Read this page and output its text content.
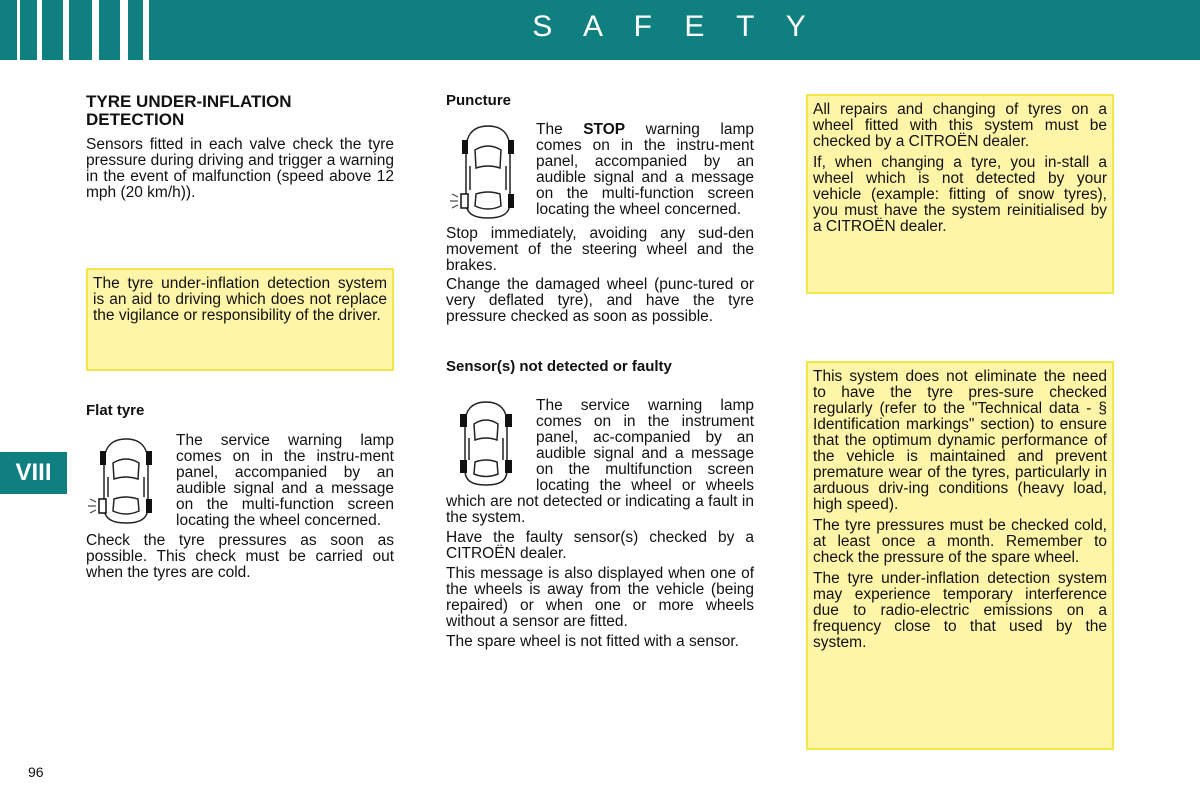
S A F E T Y
VIII
96
TYRE UNDER-INFLATION DETECTION

Sensors fitted in each valve check the tyre pressure during driving and trigger a warning in the event of malfunction (speed above 12 mph (20 km/h)).

The tyre under-inflation detection system is an aid to driving which does not replace the vigilance or responsibility of the driver.

Flat tyre

The service warning lamp comes on in the instru-ment panel, accompanied by an audible signal and a message on the multi-function screen locating the wheel concerned.

Check the tyre pressures as soon as possible. This check must be carried out when the tyres are cold.

Puncture

The STOP warning lamp comes on in the instru-ment panel, accompanied by an audible signal and a message on the multi-function screen locating the wheel concerned.

Stop immediately, avoiding any sud-den movement of the steering wheel and the brakes.

Change the damaged wheel (punc-tured or very deflated tyre), and have the tyre pressure checked as soon as possible.

Sensor(s) not detected or faulty

The service warning lamp comes on in the instrument panel, ac-companied by an audible signal and a message on the multifunction screen locating the wheel or wheels which are not detected or indicating a fault in the system.

Have the faulty sensor(s) checked by a CITROËN dealer.

This message is also displayed when one of the wheels is away from the vehicle (being repaired) or when one or more wheels without a sensor are fitted.

The spare wheel is not fitted with a sensor.

All repairs and changing of tyres on a wheel fitted with this system must be checked by a CITROËN dealer.

If, when changing a tyre, you in-stall a wheel which is not detected by your vehicle (example: fitting of snow tyres), you must have the system reinitialised by a CITROËN dealer.

This system does not eliminate the need to have the tyre pres-sure checked regularly (refer to the "Technical data - § Identification markings" section) to ensure that the optimum dynamic performance of the vehicle is maintained and prevent premature wear of the tyres, particularly in arduous driv-ing conditions (heavy load, high speed).

The tyre pressures must be checked cold, at least once a month. Remember to check the pressure of the spare wheel.

The tyre under-inflation detection system may experience temporary interference due to radio-electric emissions on a frequency close to that used by the system.
